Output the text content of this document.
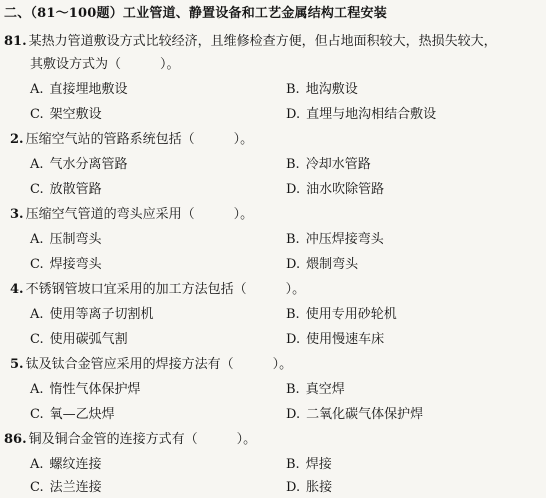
二、（81～100题）工业管道、静置设备和工艺金属结构工程安装
81. 某热力管道敷设方式比较经济，且维修检查方便，但占地面积较大，热损失较大，
其敷设方式为（　　　）。
A. 直接埋地敷设	B. 地沟敷设
C. 架空敷设	D. 直埋与地沟相结合敷设
2. 压缩空气站的管路系统包括（　　　）。
A. 气水分离管路	B. 冷却水管路
C. 放散管路	D. 油水吹除管路
3. 压缩空气管道的弯头应采用（　　　）。
A. 压制弯头	B. 冲压焊接弯头
C. 焊接弯头	D. 煨制弯头
4. 不锈钢管坡口宜采用的加工方法包括（　　　）。
A. 使用等离子切割机	B. 使用专用砂轮机
C. 使用碳弧气割	D. 使用慢速车床
5. 钛及钛合金管应采用的焊接方法有（　　　）。
A. 惰性气体保护焊	B. 真空焊
C. 氧—乙炔焊	D. 二氧化碳气体保护焊
86. 铜及铜合金管的连接方式有（　　　）。
A. 螺纹连接	B. 焊接
C. 法兰连接	D. 胀接
